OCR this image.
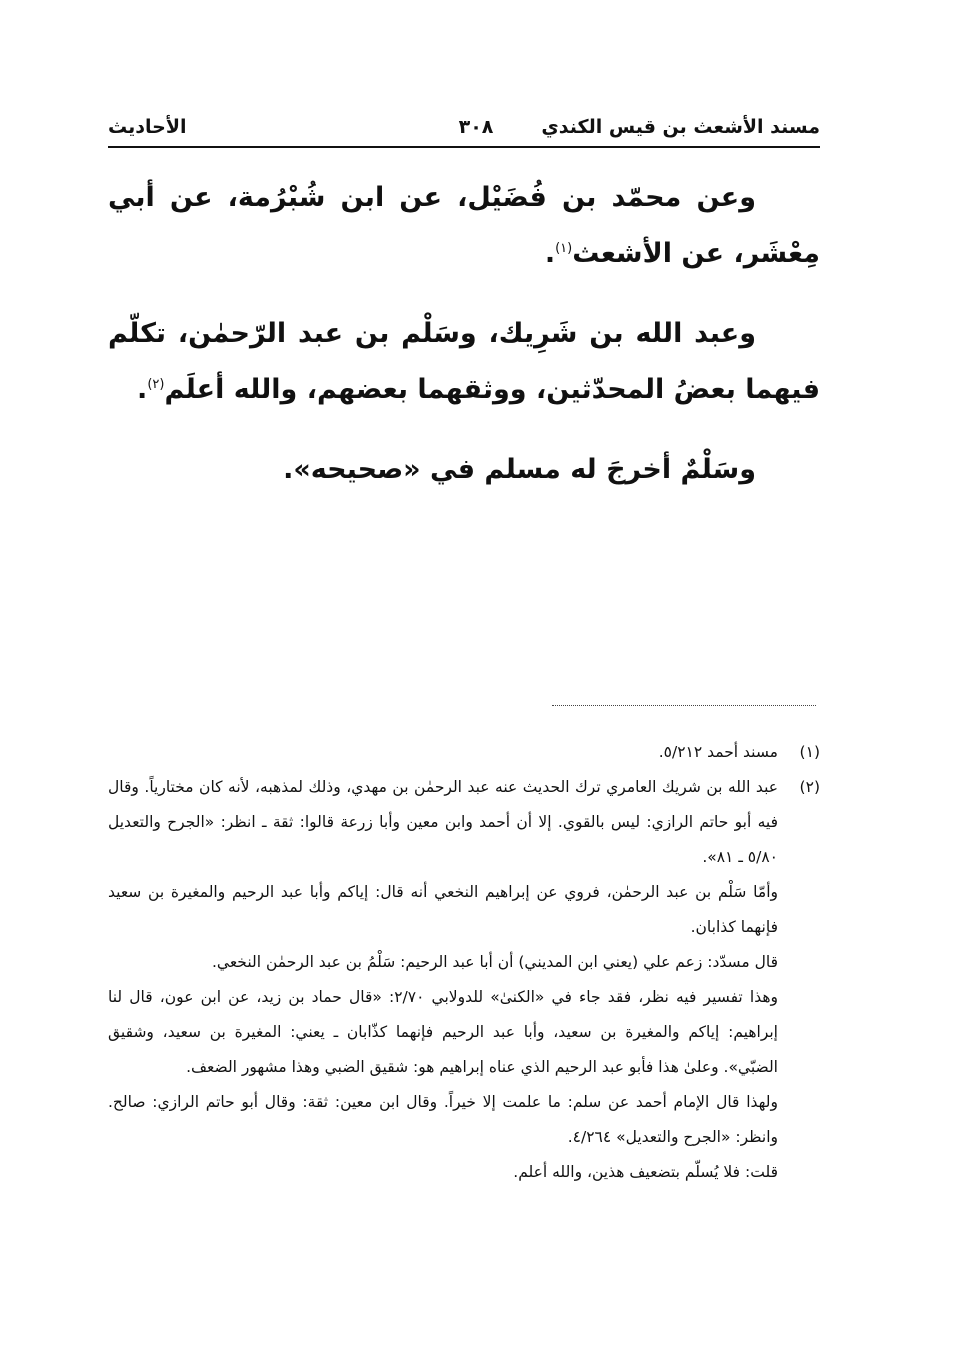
مسند الأشعث بن قيس الكندي
٣٠٨
الأحاديث

وعن محمّد بن فُضَيْل، عن ابن شُبْرُمة، عن أبي مِعْشَر، عن الأشعث$^{(١)}$.

وعبد الله بن شَرِيك، وسَلْم بن عبد الرّحمٰن، تكلّم فيهما بعضُ المحدّثين، ووثقهما بعضهم، والله أعلَم$^{(٢)}$.

وسَلْمٌ أخرجَ له مسلم في «صحيحه».

(١)

مسند أحمد ٥/٢١٢.

(٢)

عبد الله بن شريك العامري ترك الحديث عنه عبد الرحمٰن بن مهدي، وذلك لمذهبه، لأنه كان مختارياً. وقال فيه أبو حاتم الرازي: ليس بالقوي. إلا أن أحمد وابن معين وأبا زرعة قالوا: ثقة ـ انظر: «الجرح والتعديل ٥/٨٠ ـ ٨١».

وأمّا سَلْم بن عبد الرحمٰن، فروي عن إبراهيم النخعي أنه قال: إياكم وأبا عبد الرحيم والمغيرة بن سعيد فإنهما كذابان.

قال مسدّد: زعم علي (يعني ابن المديني) أن أبا عبد الرحيم: سَلْمُ بن عبد الرحمٰن النخعي.

وهذا تفسير فيه نظر، فقد جاء في «الكنىٰ» للدولابي ٢/٧٠: «قال حماد بن زيد، عن ابن عون، قال لنا إبراهيم: إياكم والمغيرة بن سعيد، وأبا عبد الرحيم فإنهما كذّابان ـ يعني: المغيرة بن سعيد، وشقيق الضبّي». وعلىٰ هذا فأبو عبد الرحيم الذي عناه إبراهيم هو: شقيق الضبي وهذا مشهور الضعف.

ولهذا قال الإمام أحمد عن سلم: ما علمت إلا خيراً. وقال ابن معين: ثقة: وقال أبو حاتم الرازي: صالح. وانظر: «الجرح والتعديل» ٤/٢٦٤.

قلت: فلا يُسلّم بتضعيف هذين، والله أعلم.
